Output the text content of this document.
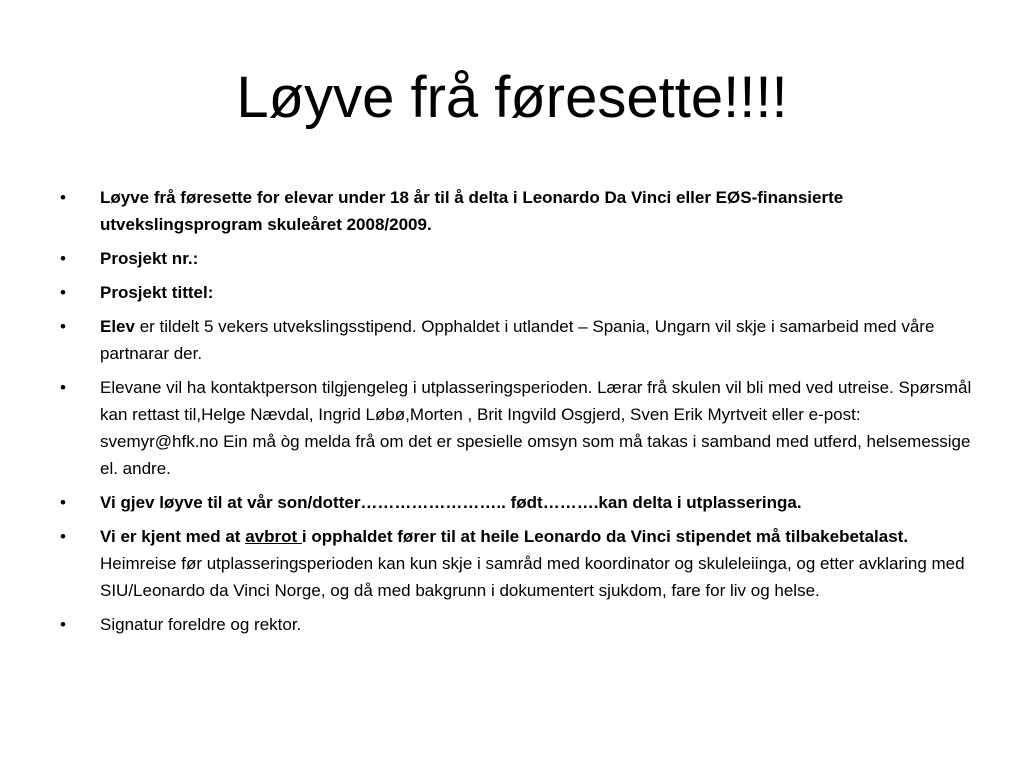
Løyve frå føresette!!!!
• Løyve frå føresette for elevar under 18 år til å delta i Leonardo Da Vinci eller EØS-finansierte utvekslingsprogram skuleåret 2008/2009.
• Prosjekt nr.:
• Prosjekt tittel:
• Elev er tildelt 5 vekers utvekslingsstipend. Opphaldet i utlandet – Spania, Ungarn vil skje i samarbeid med våre partnarar der.
• Elevane vil ha kontaktperson tilgjengeleg i utplasseringsperioden. Lærar frå skulen vil bli med ved utreise. Spørsmål kan rettast til,Helge Nævdal, Ingrid Løbø,Morten , Brit Ingvild Osgjerd, Sven Erik Myrtveit eller e-post: svemyr@hfk.no Ein må òg melda frå om det er spesielle omsyn som må takas i samband med utferd, helsemessige el. andre.
• Vi gjev løyve til at vår son/dotter…………………….. født……….kan delta i utplasseringa.
• Vi er kjent med at avbrot i opphaldet fører til at heile Leonardo da Vinci stipendet må tilbakebetalast. Heimreise før utplasseringsperioden kan kun skje i samråd med koordinator og skuleleiinga, og etter avklaring med SIU/Leonardo da Vinci Norge, og då med bakgrunn i dokumentert sjukdom, fare for liv og helse.
• Signatur foreldre og rektor.
